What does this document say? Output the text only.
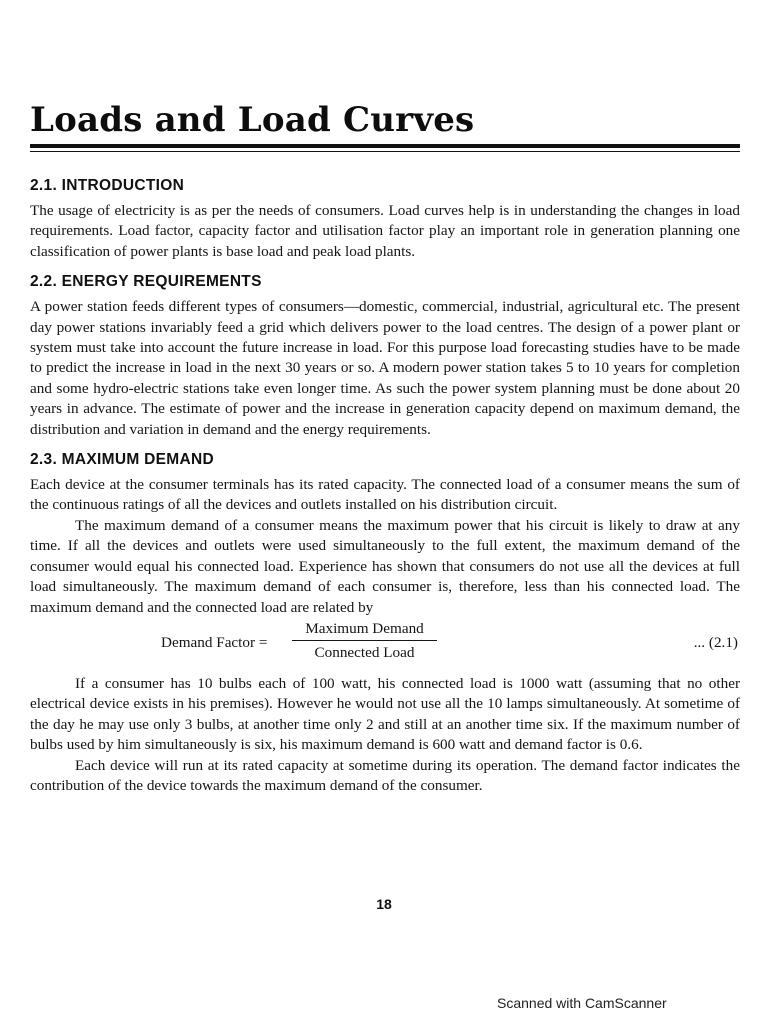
Loads and Load Curves
2.1. INTRODUCTION

The usage of electricity is as per the needs of consumers. Load curves help is in understanding the changes in load requirements. Load factor, capacity factor and utilisation factor play an important role in generation planning one classification of power plants is base load and peak load plants.

2.2. ENERGY REQUIREMENTS

A power station feeds different types of consumers—domestic, commercial, industrial, agricultural etc. The present day power stations invariably feed a grid which delivers power to the load centres. The design of a power plant or system must take into account the future increase in load. For this purpose load forecasting studies have to be made to predict the increase in load in the next 30 years or so. A modern power station takes 5 to 10 years for completion and some hydro-electric stations take even longer time. As such the power system planning must be done about 20 years in advance. The estimate of power and the increase in generation capacity depend on maximum demand, the distribution and variation in demand and the energy requirements.

2.3. MAXIMUM DEMAND

Each device at the consumer terminals has its rated capacity. The connected load of a consumer means the sum of the continuous ratings of all the devices and outlets installed on his distribution circuit.

The maximum demand of a consumer means the maximum power that his circuit is likely to draw at any time. If all the devices and outlets were used simultaneously to the full extent, the maximum demand of the consumer would equal his connected load. Experience has shown that consumers do not use all the devices at full load simultaneously. The maximum demand of each consumer is, therefore, less than his connected load. The maximum demand and the connected load are related by

Demand Factor =
Maximum Demand
Connected Load
... (2.1)

If a consumer has 10 bulbs each of 100 watt, his connected load is 1000 watt (assuming that no other electrical device exists in his premises). However he would not use all the 10 lamps simultaneously. At sometime of the day he may use only 3 bulbs, at another time only 2 and still at an another time six. If the maximum number of bulbs used by him simultaneously is six, his maximum demand is 600 watt and demand factor is 0.6.

Each device will run at its rated capacity at sometime during its operation. The demand factor indicates the contribution of the device towards the maximum demand of the consumer.

18
Scanned with CamScanner
